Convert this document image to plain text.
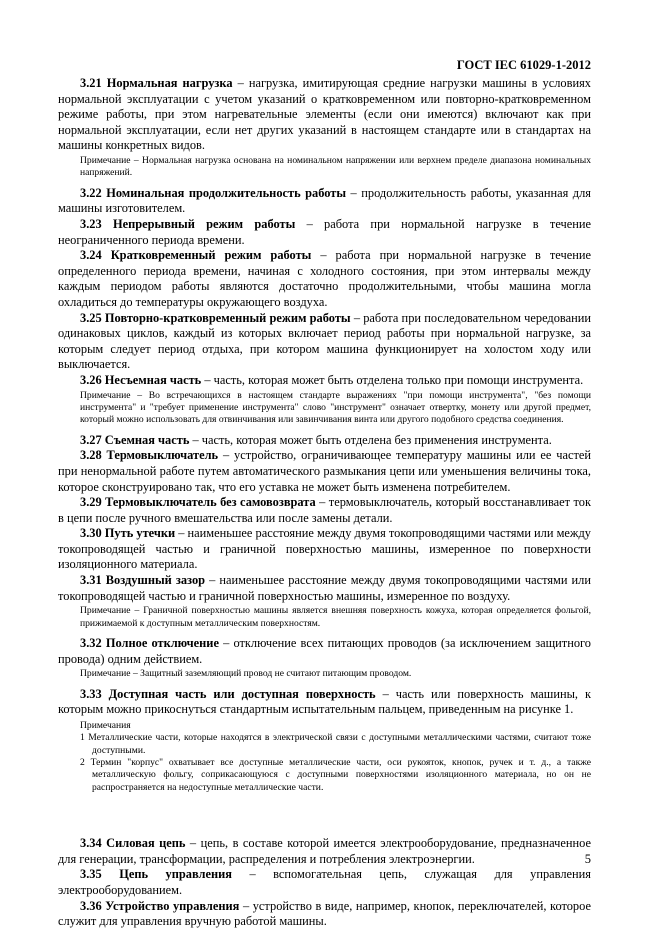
ГОСТ IEC 61029-1-2012

3.21 Нормальная нагрузка – нагрузка, имитирующая средние нагрузки машины в условиях нормальной эксплуатации с учетом указаний о кратковременном или повторно-кратковременном режиме работы, при этом нагревательные элементы (если они имеются) включают как при нормальной эксплуатации, если нет других указаний в настоящем стандарте или в стандартах на машины конкретных видов.

Примечание – Нормальная нагрузка основана на номинальном напряжении или верхнем пределе диапазона номинальных напряжений.

3.22 Номинальная продолжительность работы – продолжительность работы, указанная для машины изготовителем.

3.23 Непрерывный режим работы – работа при нормальной нагрузке в течение неограниченного периода времени.

3.24 Кратковременный режим работы – работа при нормальной нагрузке в течение определенного периода времени, начиная с холодного состояния, при этом интервалы между каждым периодом работы являются достаточно продолжительными, чтобы машина могла охладиться до температуры окружающего воздуха.

3.25 Повторно-кратковременный режим работы – работа при последовательном чередовании одинаковых циклов, каждый из которых включает период работы при нормальной нагрузке, за которым следует период отдыха, при котором машина функционирует на холостом ходу или выключается.

3.26 Несъемная часть – часть, которая может быть отделена только при помощи инструмента.

Примечание – Во встречающихся в настоящем стандарте выражениях "при помощи инструмента", "без помощи инструмента" и "требует применение инструмента" слово "инструмент" означает отвертку, монету или другой предмет, который можно использовать для отвинчивания или завинчивания винта или другого подобного средства соединения.

3.27 Съемная часть – часть, которая может быть отделена без применения инструмента.

3.28 Термовыключатель – устройство, ограничивающее температуру машины или ее частей при ненормальной работе путем автоматического размыкания цепи или уменьшения величины тока, которое сконструировано так, что его уставка не может быть изменена потребителем.

3.29 Термовыключатель без самовозврата – термовыключатель, который восстанавливает ток в цепи после ручного вмешательства или после замены детали.

3.30 Путь утечки – наименьшее расстояние между двумя токопроводящими частями или между токопроводящей частью и граничной поверхностью машины, измеренное по поверхности изоляционного материала.

3.31 Воздушный зазор – наименьшее расстояние между двумя токопроводящими частями или токопроводящей частью и граничной поверхностью машины, измеренное по воздуху.

Примечание – Граничной поверхностью машины является внешняя поверхность кожуха, которая определяется фольгой, прижимаемой к доступным металлическим поверхностям.

3.32 Полное отключение – отключение всех питающих проводов (за исключением защитного провода) одним действием.

Примечание – Защитный заземляющий провод не считают питающим проводом.

3.33 Доступная часть или доступная поверхность – часть или поверхность машины, к которым можно прикоснуться стандартным испытательным пальцем, приведенным на рисунке 1.

Примечания
1 Металлические части, которые находятся в электрической связи с доступными металлическими частями, считают тоже доступными.
2 Термин "корпус" охватывает все доступные металлические части, оси рукояток, кнопок, ручек и т. д., а также металлическую фольгу, соприкасающуюся с доступными поверхностями изоляционного материала, но он не распространяется на недоступные металлические части.

3.34 Силовая цепь – цепь, в составе которой имеется электрооборудование, предназначенное для генерации, трансформации, распределения и потребления электроэнергии.

3.35 Цепь управления – вспомогательная цепь, служащая для управления электрооборудованием.

3.36 Устройство управления – устройство в виде, например, кнопок, переключателей, которое служит для управления вручную работой машины.

5
